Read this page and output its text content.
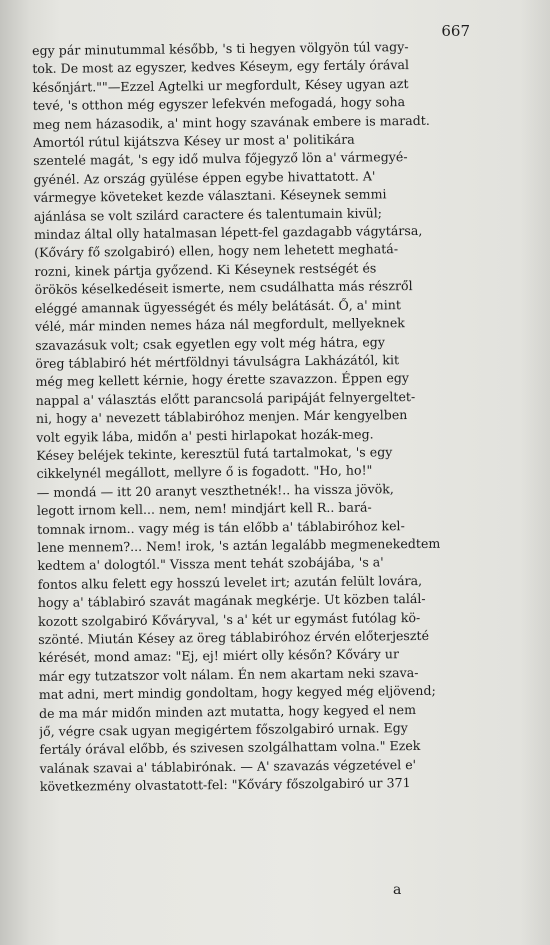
667
egy pár minutummal később, 's ti hegyen völgyön túl vagy-
tok. De most az egyszer, kedves Késeym, egy fertály órával
későnjárt.""—Ezzel Agtelki ur megfordult, Késey ugyan azt
tevé, 's otthon még egyszer lefekvén mefogadá, hogy soha
meg nem házasodik, a' mint hogy szavának embere is maradt.
Amortól rútul kijátszva Késey ur most a' politikára
szentelé magát, 's egy idő mulva főjegyző lön a' vármegyé-
gyénél. Az ország gyülése éppen egybe hivattatott. A'
vármegye követeket kezde választani. Késeynek semmi
ajánlása se volt szilárd caractere és talentumain kivül;
mindaz által olly hatalmasan lépett-fel gazdagabb vágytársa,
(Kőváry fő szolgabiró) ellen, hogy nem lehetett meghatá-
rozni, kinek pártja győzend. Ki Késeynek restségét és
örökös késelkedéseit ismerte, nem csudálhatta más részről
eléggé amannak ügyességét és mély belátását. Ő, a' mint
vélé, már minden nemes háza nál megfordult, mellyeknek
szavazásuk volt; csak egyetlen egy volt még hátra, egy
öreg táblabiró hét mértföldnyi távulságra Lakházától, kit
még meg kellett kérnie, hogy érette szavazzon. Éppen egy
nappal a' választás előtt parancsolá paripáját felnyergeltet-
ni, hogy a' nevezett táblabiróhoz menjen. Már kengyelben
volt egyik lába, midőn a' pesti hirlapokat hozák-meg.
Késey beléjek tekinte, keresztül futá tartalmokat, 's egy
cikkelynél megállott, mellyre ő is fogadott. "Ho, ho!"
— mondá — itt 20 aranyt veszthetnék!.. ha vissza jövök,
legott irnom kell... nem, nem! mindjárt kell R.. bará-
tomnak irnom.. vagy még is tán előbb a' táblabiróhoz kel-
lene mennem?... Nem! irok, 's aztán legalább megmenekedtem
kedtem a' dologtól." Vissza ment tehát szobájába, 's a'
fontos alku felett egy hosszú levelet irt; azután felült lovára,
hogy a' táblabiró szavát magának megkérje. Ut közben talál-
kozott szolgabiró Kőváryval, 's a' két ur egymást futólag kö-
szönté. Miután Késey az öreg táblabiróhoz érvén előterjeszté
kérését, mond amaz: "Ej, ej! miért olly későn? Kőváry ur
már egy tutzatszor volt nálam. Én nem akartam neki szava-
mat adni, mert mindig gondoltam, hogy kegyed még eljövend;
de ma már midőn minden azt mutatta, hogy kegyed el nem
jő, végre csak ugyan megigértem főszolgabiró urnak. Egy
fertály órával előbb, és szivesen szolgálhattam volna." Ezek
valának szavai a' táblabirónak. — A' szavazás végzetével e'
következmény olvastatott-fel: "Kőváry főszolgabiró ur 371
a
